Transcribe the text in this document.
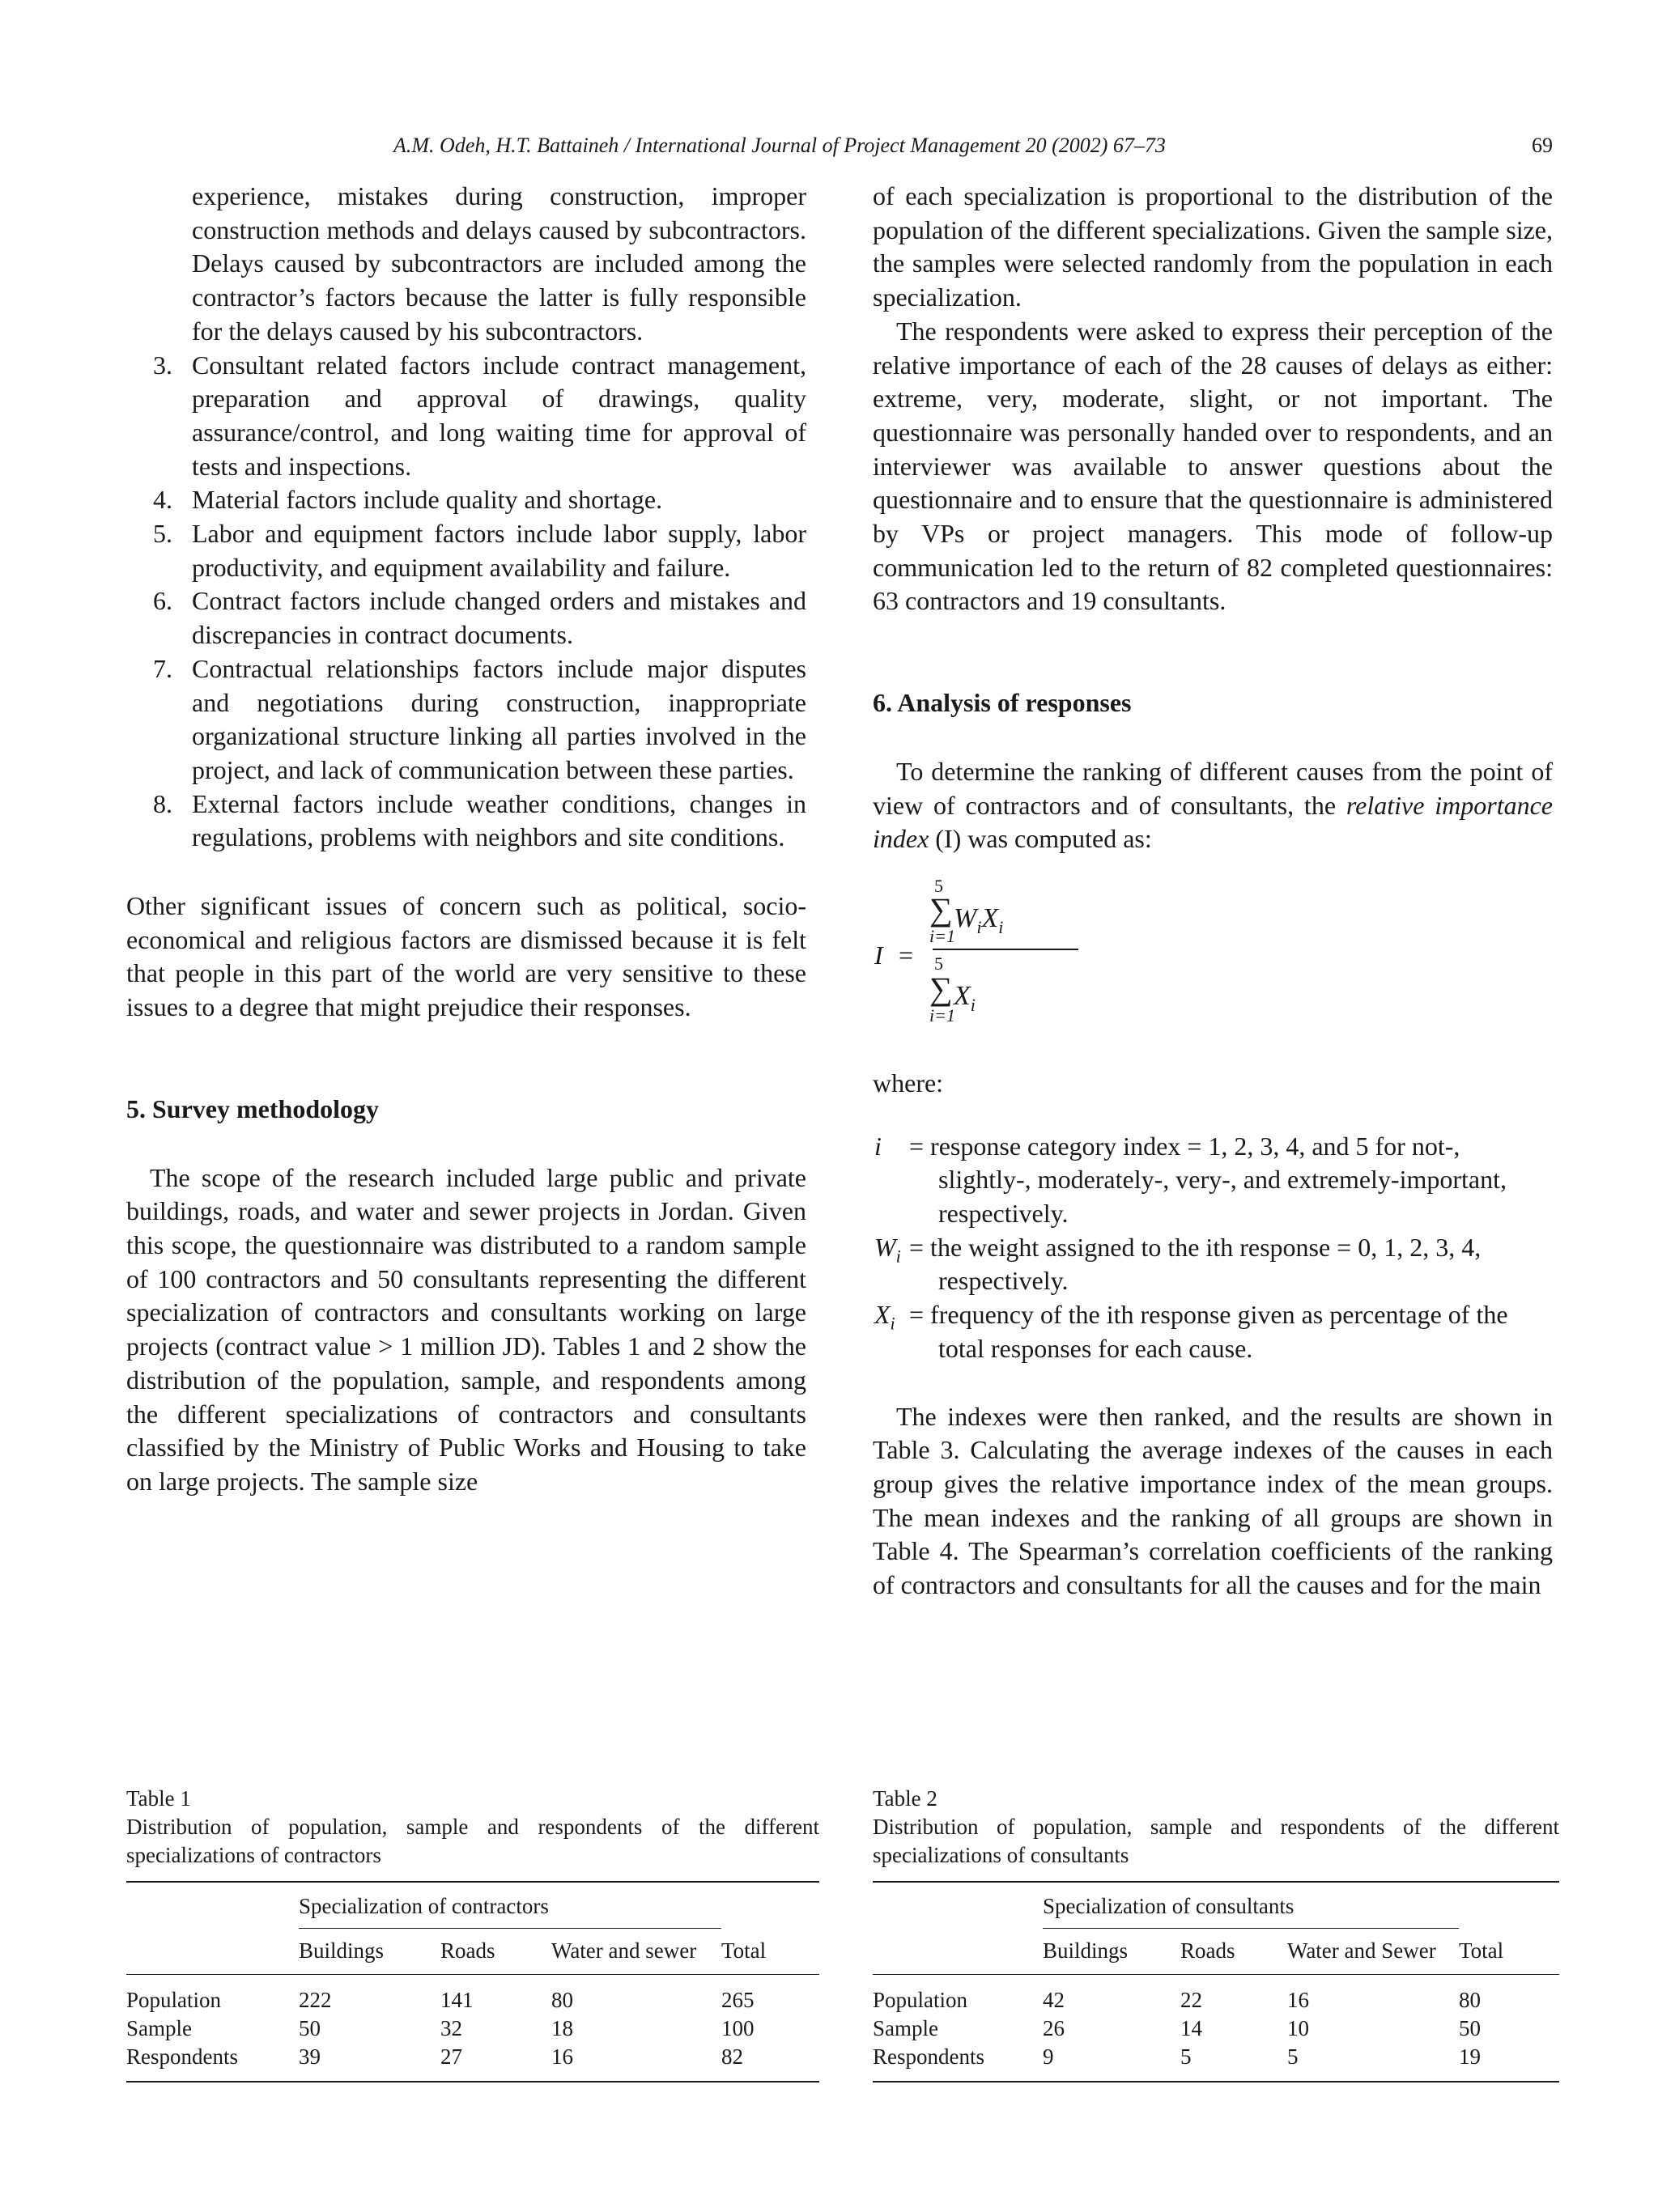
A.M. Odeh, H.T. Battaineh / International Journal of Project Management 20 (2002) 67–73	69

experience, mistakes during construction, improper construction methods and delays caused by subcontractors. Delays caused by subcontractors are included among the contractor’s factors because the latter is fully responsible for the delays caused by his subcontractors.

3. Consultant related factors include contract management, preparation and approval of drawings, quality assurance/control, and long waiting time for approval of tests and inspections.
4. Material factors include quality and shortage.
5. Labor and equipment factors include labor supply, labor productivity, and equipment availability and failure.
6. Contract factors include changed orders and mistakes and discrepancies in contract documents.
7. Contractual relationships factors include major disputes and negotiations during construction, inappropriate organizational structure linking all parties involved in the project, and lack of communication between these parties.
8. External factors include weather conditions, changes in regulations, problems with neighbors and site conditions.

Other significant issues of concern such as political, socio-economical and religious factors are dismissed because it is felt that people in this part of the world are very sensitive to these issues to a degree that might prejudice their responses.

5. Survey methodology

The scope of the research included large public and private buildings, roads, and water and sewer projects in Jordan. Given this scope, the questionnaire was distributed to a random sample of 100 contractors and 50 consultants representing the different specialization of contractors and consultants working on large projects (contract value > 1 million JD). Tables 1 and 2 show the distribution of the population, sample, and respondents among the different specializations of contractors and consultants classified by the Ministry of Public Works and Housing to take on large projects. The sample size

of each specialization is proportional to the distribution of the population of the different specializations. Given the sample size, the samples were selected randomly from the population in each specialization.

The respondents were asked to express their perception of the relative importance of each of the 28 causes of delays as either: extreme, very, moderate, slight, or not important. The questionnaire was personally handed over to respondents, and an interviewer was available to answer questions about the questionnaire and to ensure that the questionnaire is administered by VPs or project managers. This mode of follow-up communication led to the return of 82 completed questionnaires: 63 contractors and 19 consultants.

6. Analysis of responses

To determine the ranking of different causes from the point of view of contractors and of consultants, the relative importance index (I) was computed as:

I =
5
∑
i=1
$W_iX_i$
5
∑
i=1
$X_i$

where:

i = response category index = 1, 2, 3, 4, and 5 for not-, slightly-, moderately-, very-, and extremely-important, respectively.
$W_i$ = the weight assigned to the ith response = 0, 1, 2, 3, 4, respectively.
$X_i$ = frequency of the ith response given as percentage of the total responses for each cause.

The indexes were then ranked, and the results are shown in Table 3. Calculating the average indexes of the causes in each group gives the relative importance index of the mean groups. The mean indexes and the ranking of all groups are shown in Table 4. The Spearman’s correlation coefficients of the ranking of contractors and consultants for all the causes and for the main

Table 1

Distribution of population, sample and respondents of the different specializations of contractors

	Specialization of contractors			
	Buildings	Roads	Water and sewer	Total
Population	222	141	80	265
Sample	50	32	18	100
Respondents	39	27	16	82

Table 2

Distribution of population, sample and respondents of the different specializations of consultants

	Specialization of consultants			
	Buildings	Roads	Water and Sewer	Total
Population	42	22	16	80
Sample	26	14	10	50
Respondents	9	5	5	19
